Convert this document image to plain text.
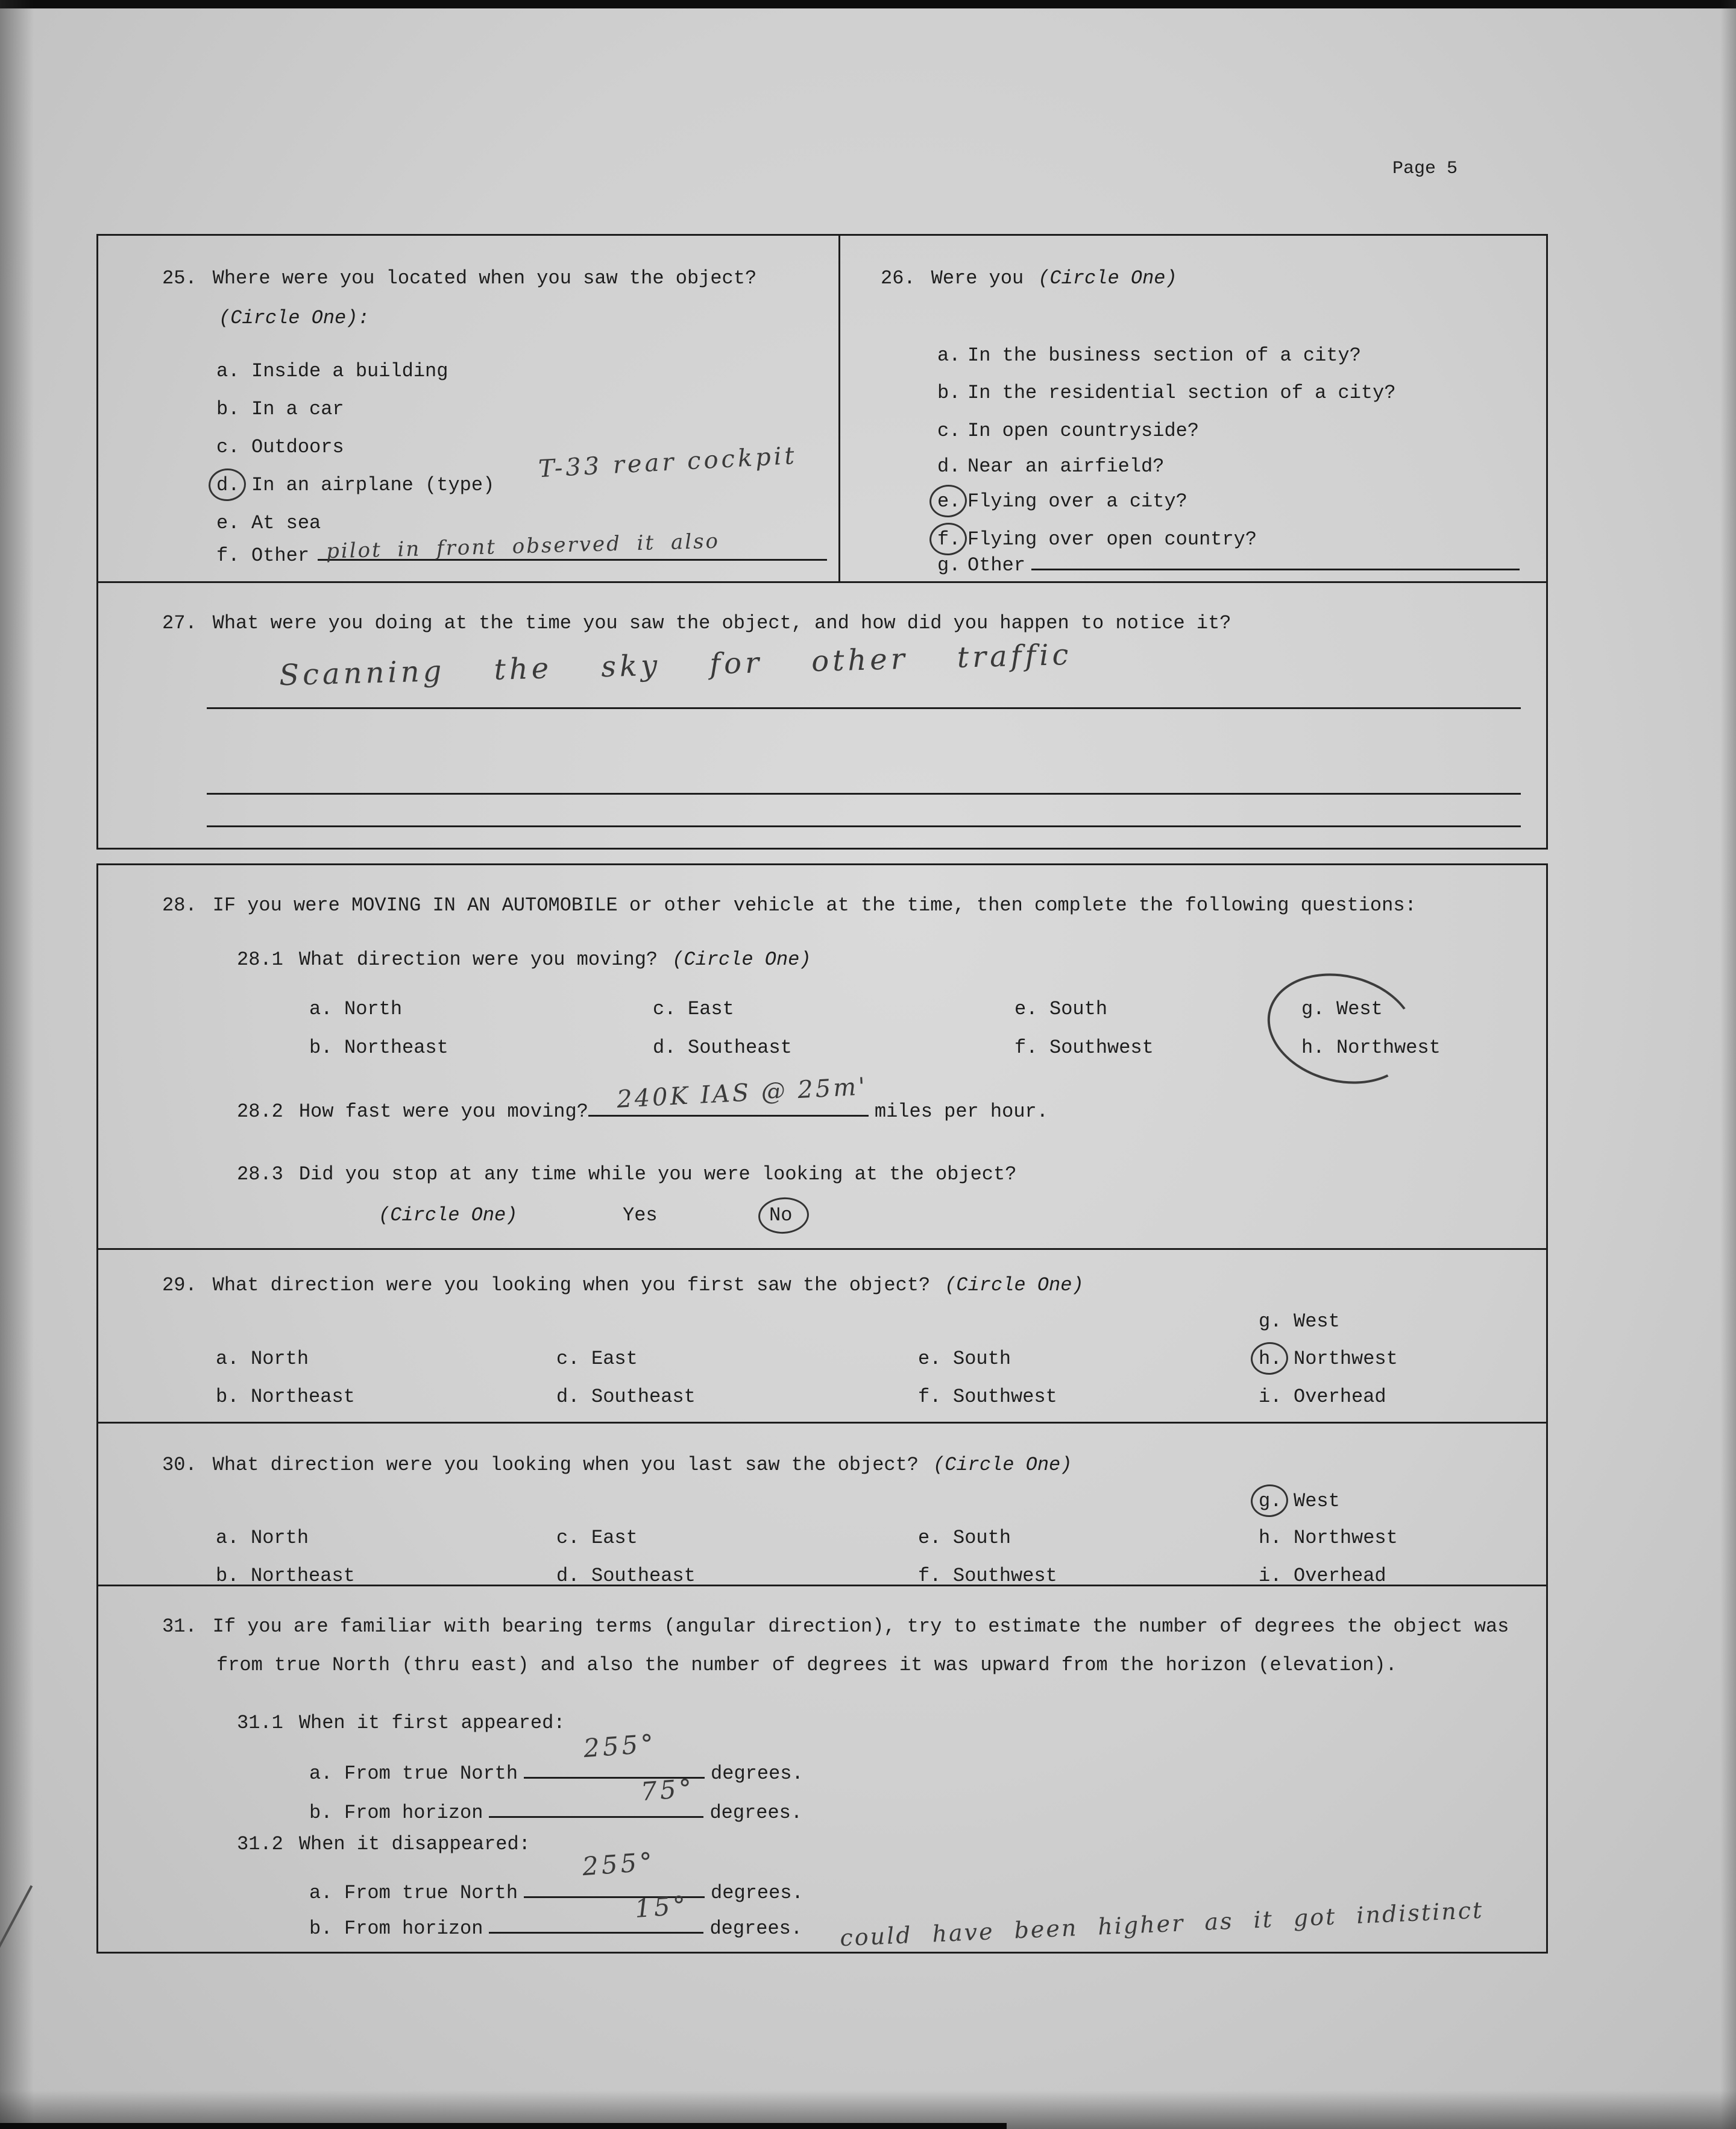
Page 5
25. Where were you located when you saw the object?
(Circle One):
a. Inside a building
b. In a car
c. Outdoors
d. In an airplane (type)
T-33 rear cockpit
e. At sea
f. Other pilot in front observed it also
26. Were you (Circle One)
a. In the business section of a city?
b. In the residential section of a city?
c. In open countryside?
d. Near an airfield?
e. Flying over a city?
f. Flying over open country?
g. Other
27. What were you doing at the time you saw the object, and how did you happen to notice it?
Scanning the sky for other traffic
28. IF you were MOVING IN AN AUTOMOBILE or other vehicle at the time, then complete the following questions:
28.1 What direction were you moving? (Circle One)
a. North	c. East	e. South	g. West
b. Northeast	d. Southeast	f. Southwest	h. Northwest
28.2 How fast were you moving?	miles per hour.
240K IAS @ 25m'
28.3 Did you stop at any time while you were looking at the object?
(Circle One)	Yes	No
29. What direction were you looking when you first saw the object? (Circle One)
g. West
a. North	c. East	e. South	h. Northwest
b. Northeast	d. Southeast	f. Southwest	i. Overhead
30. What direction were you looking when you last saw the object? (Circle One)
g. West
a. North	c. East	e. South	h. Northwest
b. Northeast	d. Southeast	f. Southwest	i. Overhead
31. If you are familiar with bearing terms (angular direction), try to estimate the number of degrees the object was
from true North (thru east) and also the number of degrees it was upward from the horizon (elevation).
31.1 When it first appeared:
a. From true North	degrees.
255°
b. From horizon	degrees.
75°
31.2 When it disappeared:
a. From true North	degrees.
255°
b. From horizon	degrees.
15°	could have been higher as it got indistinct
